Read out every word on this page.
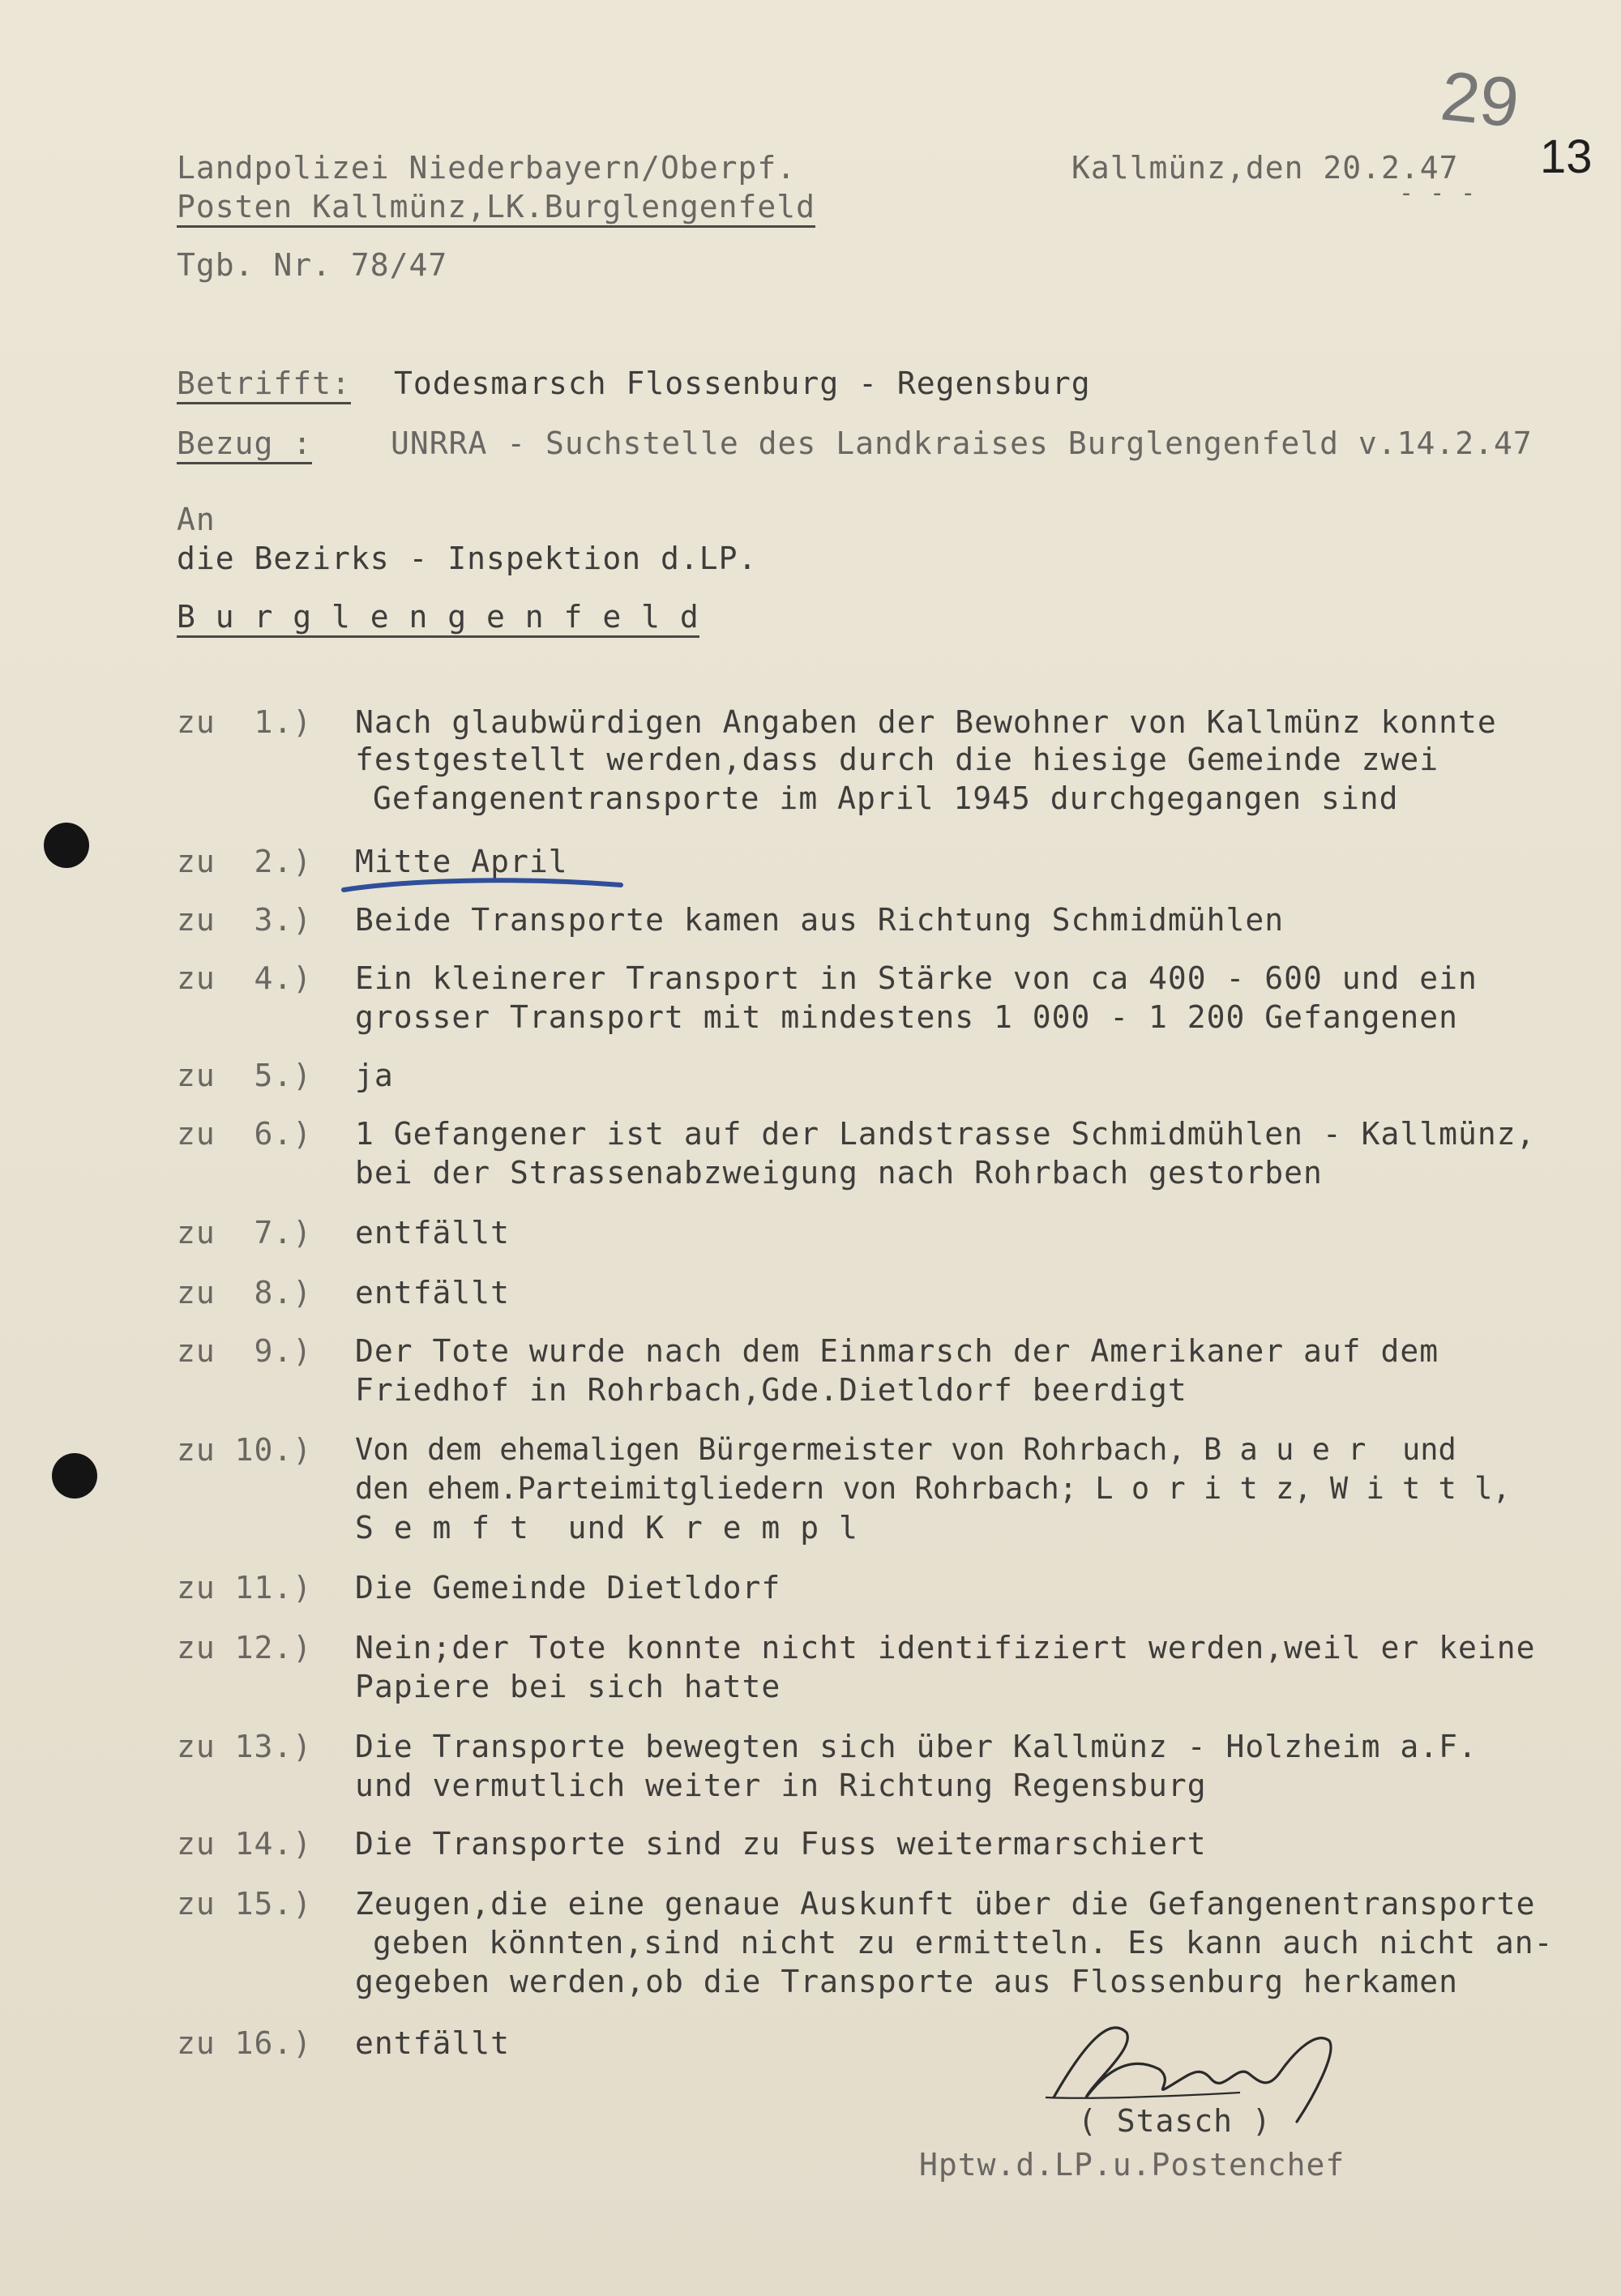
29
13
Landpolizei Niederbayern/Oberpf.
Posten Kallmünz,LK.Burglengenfeld
Tgb. Nr. 78/47
Kallmünz,den 20.2.47
- - -
Betrifft: Todesmarsch Flossenburg - Regensburg
Bezug :	UNRRA - Suchstelle des Landkraises Burglengenfeld v.14.2.47
An
die Bezirks - Inspektion d.LP.
B u r g l e n g e n f e l d
zu  1.) Nach glaubwürdigen Angaben der Bewohner von Kallmünz konnte
festgestellt werden,dass durch die hiesige Gemeinde zwei
Gefangenentransporte im April 1945 durchgegangen sind
zu  2.) Mitte April
zu  3.) Beide Transporte kamen aus Richtung Schmidmühlen
zu  4.) Ein kleinerer Transport in Stärke von ca 400 - 600 und ein
grosser Transport mit mindestens 1 000 - 1 200 Gefangenen
zu  5.) ja
zu  6.) 1 Gefangener ist auf der Landstrasse Schmidmühlen - Kallmünz,
bei der Strassenabzweigung nach Rohrbach gestorben
zu  7.) entfällt
zu  8.) entfällt
zu  9.) Der Tote wurde nach dem Einmarsch der Amerikaner auf dem
Friedhof in Rohrbach,Gde.Dietldorf beerdigt
zu 10.) Von dem ehemaligen Bürgermeister von Rohrbach, B a u e r  und
den ehem.Parteimitgliedern von Rohrbach; L o r i t z, W i t t l,
S e m f t  und K r e m p l
zu 11.) Die Gemeinde Dietldorf
zu 12.) Nein;der Tote konnte nicht identifiziert werden,weil er keine
Papiere bei sich hatte
zu 13.) Die Transporte bewegten sich über Kallmünz - Holzheim a.F.
und vermutlich weiter in Richtung Regensburg
zu 14.) Die Transporte sind zu Fuss weitermarschiert
zu 15.) Zeugen,die eine genaue Auskunft über die Gefangenentransporte
geben könnten,sind nicht zu ermitteln. Es kann auch nicht an-
gegeben werden,ob die Transporte aus Flossenburg herkamen
zu 16.) entfällt
( Stasch )
Hptw.d.LP.u.Postenchef
